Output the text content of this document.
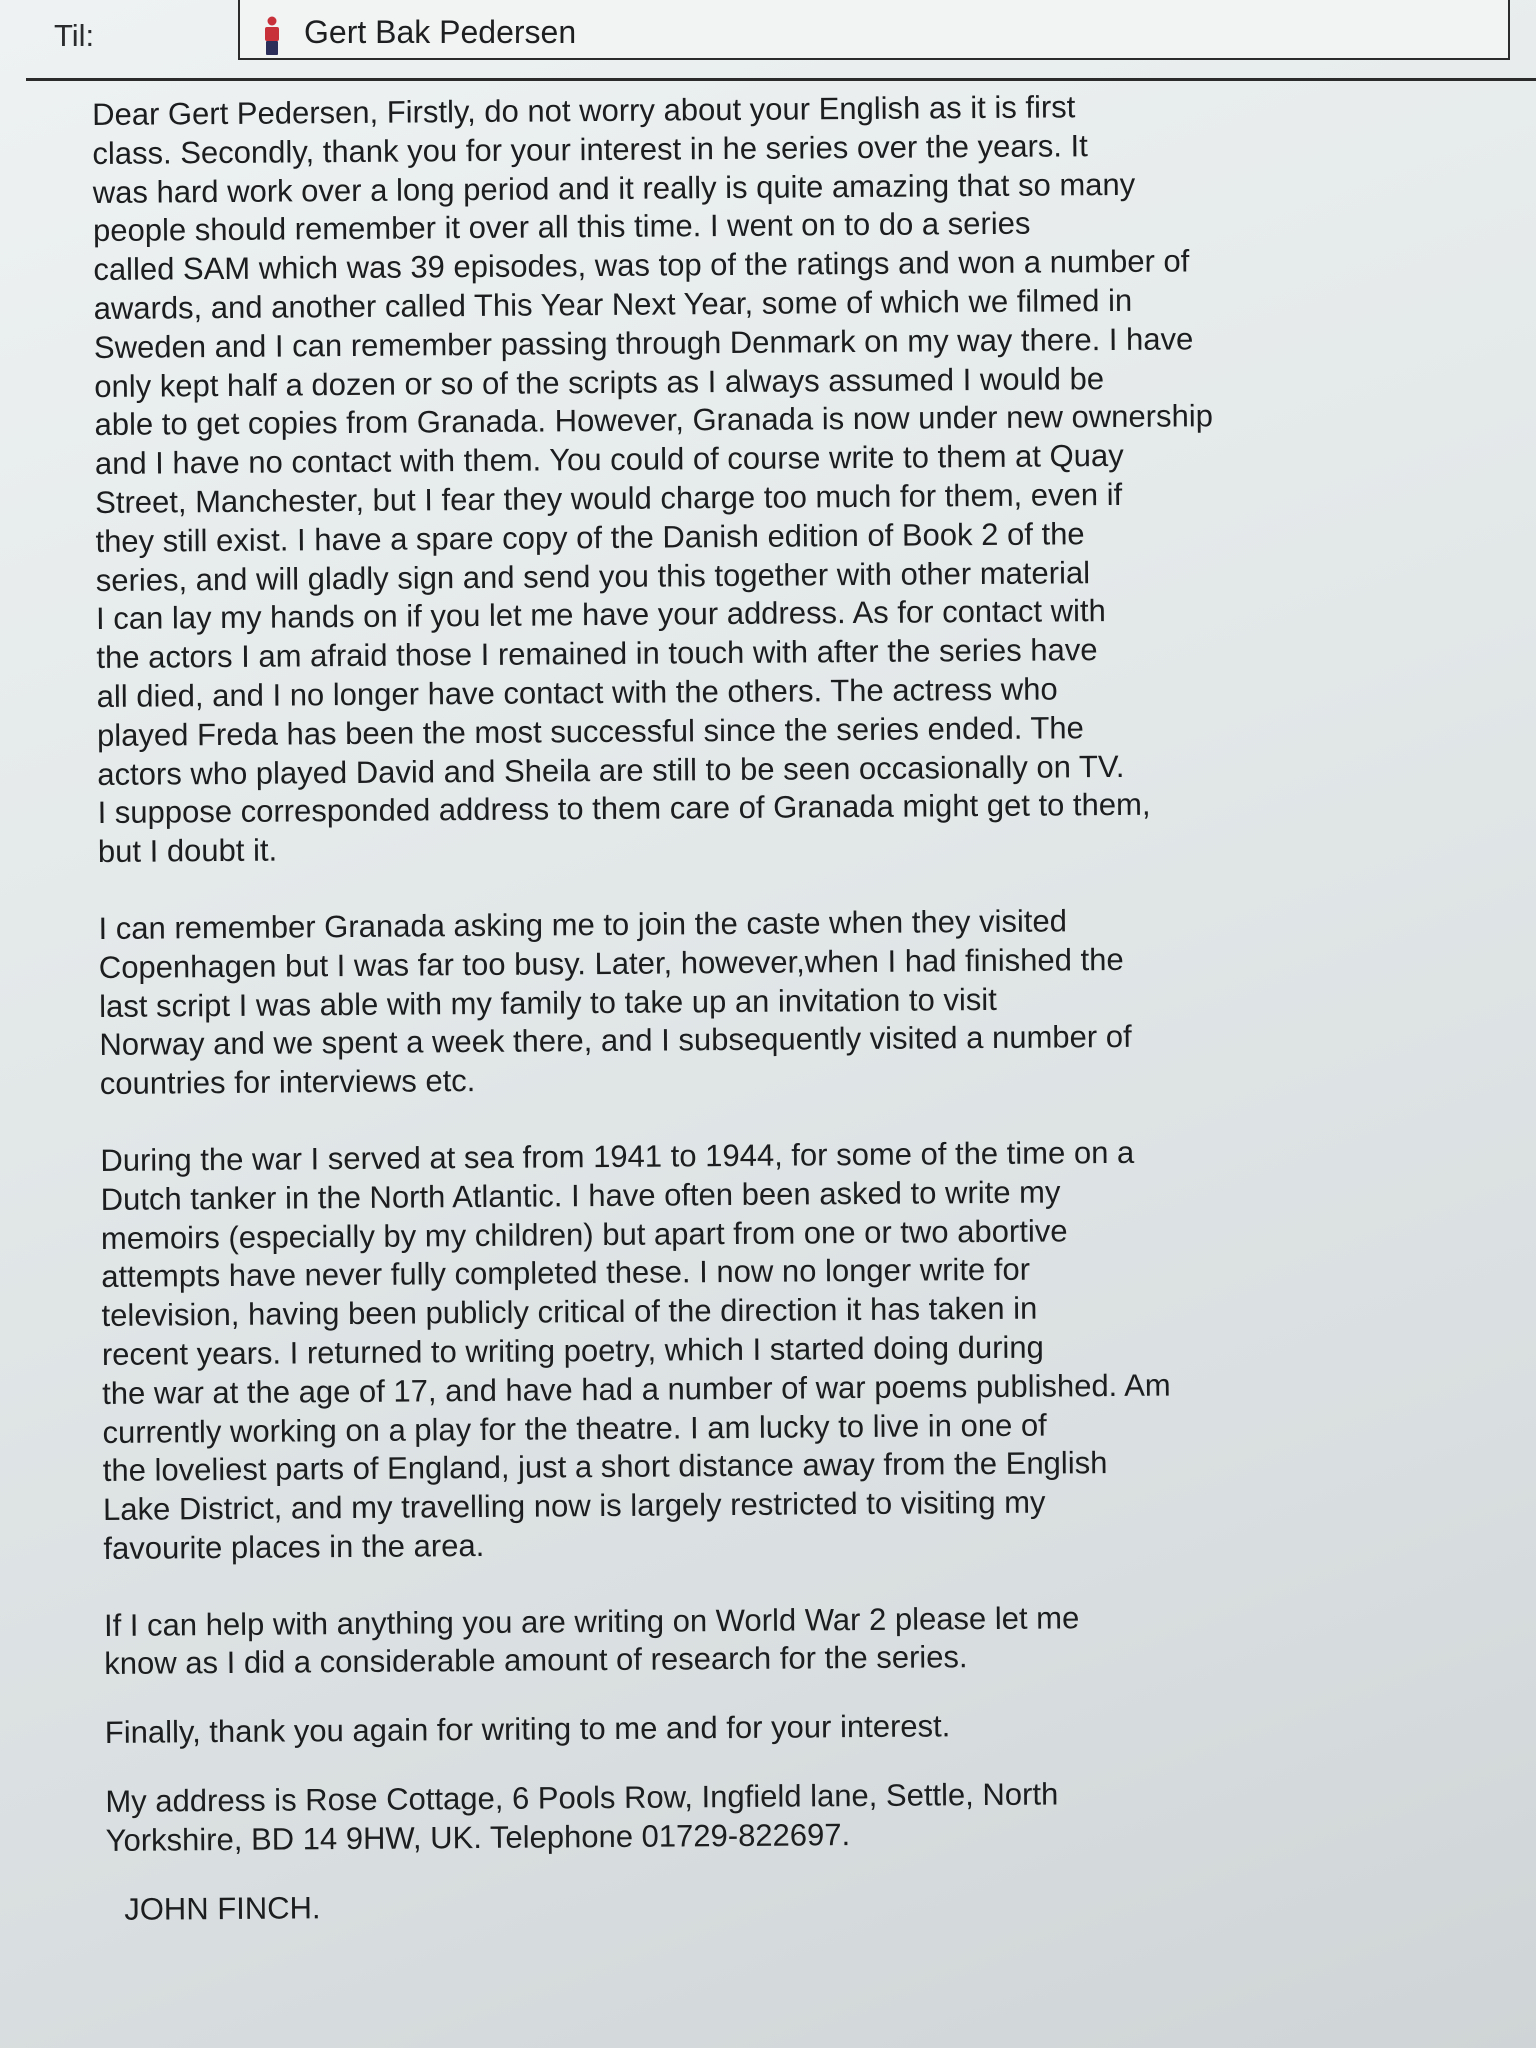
Til:	Gert Bak Pedersen

Dear Gert Pedersen, Firstly, do not worry about your English as it is first
class. Secondly, thank you for your interest in he series over the years. It
was hard work over a long period and it really is quite amazing that so many
people should remember it over all this time. I went on to do a series
called SAM which was 39 episodes, was top of the ratings and won a number of
awards, and another called This Year Next Year, some of which we filmed in
Sweden and I can remember passing through Denmark on my way there. I have
only kept half a dozen or so of the scripts as I always assumed I would be
able to get copies from Granada. However, Granada is now under new ownership
and I have no contact with them. You could of course write to them at Quay
Street, Manchester, but I fear they would charge too much for them, even if
they still exist. I have a spare copy of the Danish edition of Book 2 of the
series, and will gladly sign and send you this together with other material
I can lay my hands on if you let me have your address. As for contact with
the actors I am afraid those I remained in touch with after the series have
all died, and I no longer have contact with the others. The actress who
played Freda has been the most successful since the series ended. The
actors who played David and Sheila are still to be seen occasionally on TV.
I suppose corresponded address to them care of Granada might get to them,
but I doubt it.

I can remember Granada asking me to join the caste when they visited
Copenhagen but I was far too busy. Later, however,when I had finished the
last script I was able with my family to take up an invitation to visit
Norway and we spent a week there, and I subsequently visited a number of
countries for interviews etc.

During the war I served at sea from 1941 to 1944, for some of the time on a
Dutch tanker in the North Atlantic. I have often been asked to write my
memoirs (especially by my children) but apart from one or two abortive
attempts have never fully completed these. I now no longer write for
television, having been publicly critical of the direction it has taken in
recent years. I returned to writing poetry, which I started doing during
the war at the age of 17, and have had a number of war poems published. Am
currently working on a play for the theatre. I am lucky to live in one of
the loveliest parts of England, just a short distance away from the English
Lake District, and my travelling now is largely restricted to visiting my
favourite places in the area.

If I can help with anything you are writing on World War 2 please let me
know as I did a considerable amount of research for the series.

Finally, thank you again for writing to me and for your interest.

My address is Rose Cottage, 6 Pools Row, Ingfield lane, Settle, North
Yorkshire, BD 14 9HW, UK. Telephone 01729-822697.

JOHN FINCH.
